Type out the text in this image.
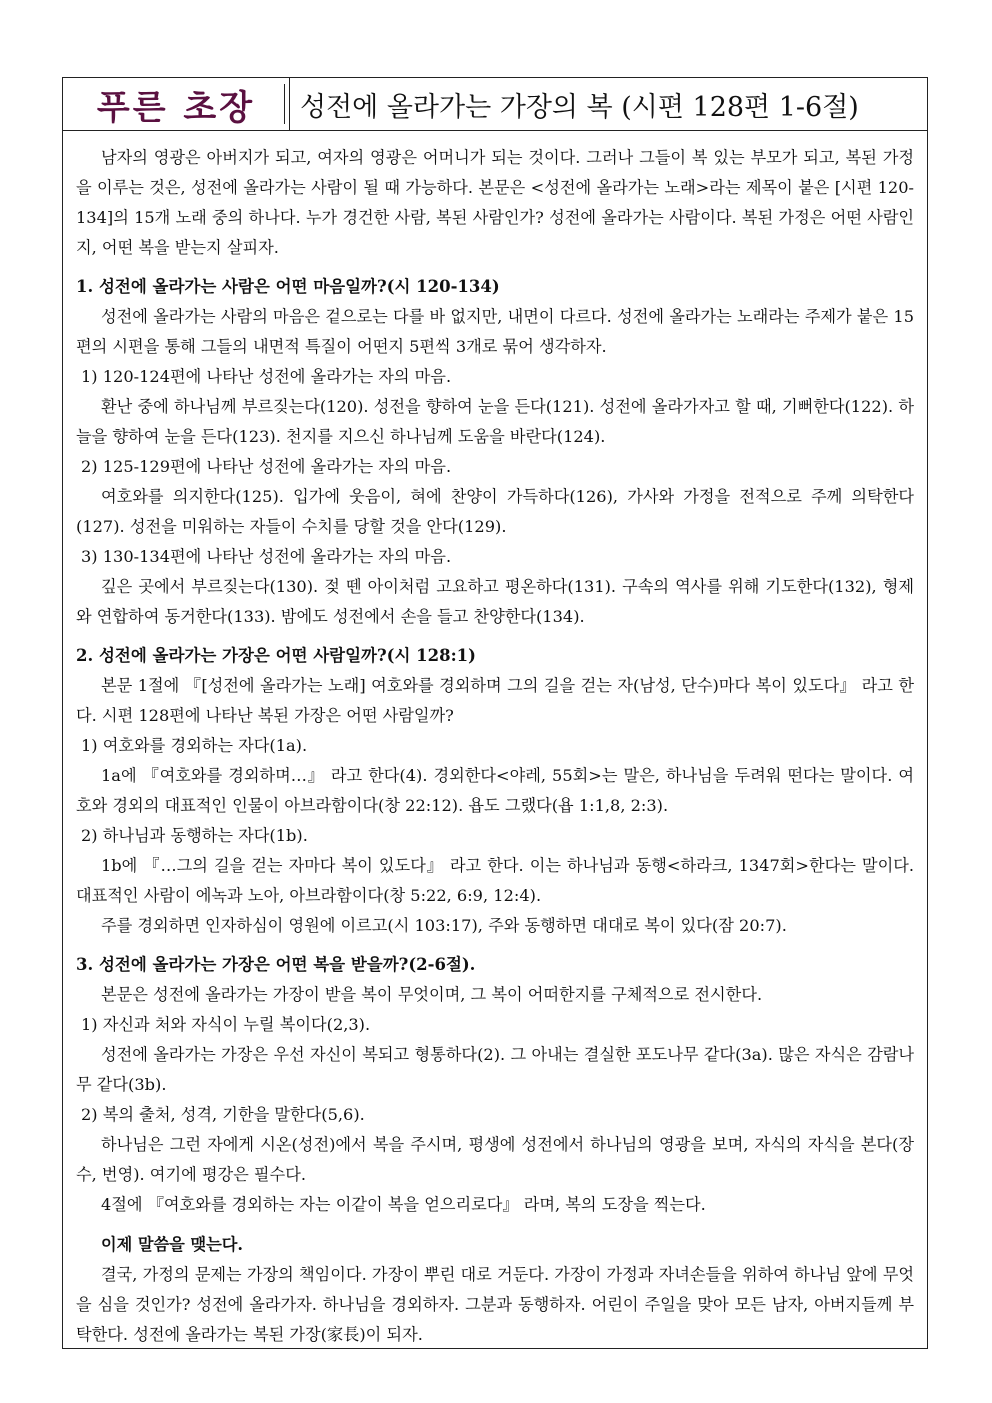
푸른 초장	성전에 올라가는 가장의 복 (시편 128편 1-6절)

남자의 영광은 아버지가 되고, 여자의 영광은 어머니가 되는 것이다. 그러나 그들이 복 있는 부모가 되고, 복된 가정을 이루는 것은, 성전에 올라가는 사람이 될 때 가능하다. 본문은 <성전에 올라가는 노래>라는 제목이 붙은 [시편 120-134]의 15개 노래 중의 하나다. 누가 경건한 사람, 복된 사람인가? 성전에 올라가는 사람이다. 복된 가정은 어떤 사람인지, 어떤 복을 받는지 살피자.

1. 성전에 올라가는 사람은 어떤 마음일까?(시 120-134)

성전에 올라가는 사람의 마음은 겉으로는 다를 바 없지만, 내면이 다르다. 성전에 올라가는 노래라는 주제가 붙은 15편의 시편을 통해 그들의 내면적 특질이 어떤지 5편씩 3개로 묶어 생각하자.

1) 120-124편에 나타난 성전에 올라가는 자의 마음.

환난 중에 하나님께 부르짖는다(120). 성전을 향하여 눈을 든다(121). 성전에 올라가자고 할 때, 기뻐한다(122). 하늘을 향하여 눈을 든다(123). 천지를 지으신 하나님께 도움을 바란다(124).

2) 125-129편에 나타난 성전에 올라가는 자의 마음.

여호와를 의지한다(125). 입가에 웃음이, 혀에 찬양이 가득하다(126), 가사와 가정을 전적으로 주께 의탁한다(127). 성전을 미워하는 자들이 수치를 당할 것을 안다(129).

3) 130-134편에 나타난 성전에 올라가는 자의 마음.

깊은 곳에서 부르짖는다(130). 젖 뗀 아이처럼 고요하고 평온하다(131). 구속의 역사를 위해 기도한다(132), 형제와 연합하여 동거한다(133). 밤에도 성전에서 손을 들고 찬양한다(134).

2. 성전에 올라가는 가장은 어떤 사람일까?(시 128:1)

본문 1절에 『[성전에 올라가는 노래] 여호와를 경외하며 그의 길을 걷는 자(남성, 단수)마다 복이 있도다』 라고 한다. 시편 128편에 나타난 복된 가장은 어떤 사람일까?

1) 여호와를 경외하는 자다(1a).

1a에 『여호와를 경외하며…』 라고 한다(4). 경외한다<야레, 55회>는 말은, 하나님을 두려워 떤다는 말이다. 여호와 경외의 대표적인 인물이 아브라함이다(창 22:12). 욥도 그랬다(욥 1:1,8, 2:3).

2) 하나님과 동행하는 자다(1b).

1b에 『…그의 길을 걷는 자마다 복이 있도다』 라고 한다. 이는 하나님과 동행<하라크, 1347회>한다는 말이다. 대표적인 사람이 에녹과 노아, 아브라함이다(창 5:22, 6:9, 12:4).

주를 경외하면 인자하심이 영원에 이르고(시 103:17), 주와 동행하면 대대로 복이 있다(잠 20:7).

3. 성전에 올라가는 가장은 어떤 복을 받을까?(2-6절).

본문은 성전에 올라가는 가장이 받을 복이 무엇이며, 그 복이 어떠한지를 구체적으로 전시한다.

1) 자신과 처와 자식이 누릴 복이다(2,3).

성전에 올라가는 가장은 우선 자신이 복되고 형통하다(2). 그 아내는 결실한 포도나무 같다(3a). 많은 자식은 감람나무 같다(3b).

2) 복의 출처, 성격, 기한을 말한다(5,6).

하나님은 그런 자에게 시온(성전)에서 복을 주시며, 평생에 성전에서 하나님의 영광을 보며, 자식의 자식을 본다(장수, 번영). 여기에 평강은 필수다.

4절에 『여호와를 경외하는 자는 이같이 복을 얻으리로다』 라며, 복의 도장을 찍는다.

이제 말씀을 맺는다.

결국, 가정의 문제는 가장의 책임이다. 가장이 뿌린 대로 거둔다. 가장이 가정과 자녀손들을 위하여 하나님 앞에 무엇을 심을 것인가? 성전에 올라가자. 하나님을 경외하자. 그분과 동행하자. 어린이 주일을 맞아 모든 남자, 아버지들께 부탁한다. 성전에 올라가는 복된 가장(家長)이 되자.
